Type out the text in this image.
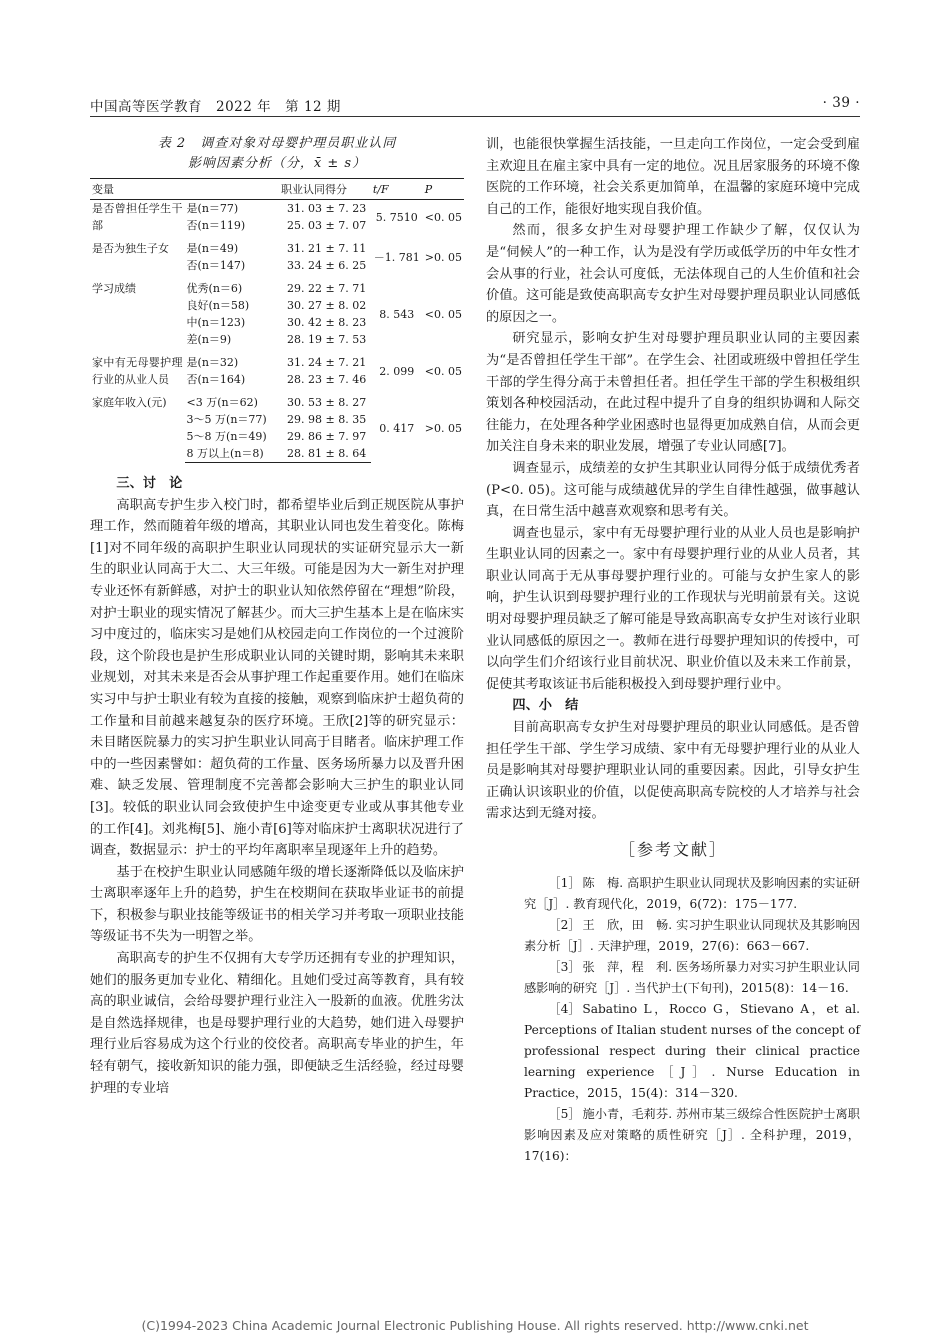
中国高等医学教育　2022 年　第 12 期	· 39 ·
表 2　调查对象对母婴护理员职业认同
影响因素分析（分，x̄ ± s）
变量		职业认同得分	t/F	P
是否曾担任学生干部	是(n＝77)	31. 03 ± 7. 23	5. 7510	<0. 05
	否(n＝119)	25. 03 ± 7. 07		

是否为独生子女	是(n＝49)	31. 21 ± 7. 11	－1. 781	>0. 05
	否(n＝147)	33. 24 ± 6. 25		

学习成绩	优秀(n＝6)	29. 22 ± 7. 71	8. 543	<0. 05
	良好(n＝58)	30. 27 ± 8. 02		
	中(n＝123)	30. 42 ± 8. 23		
	差(n＝9)	28. 19 ± 7. 53		

家中有无母婴护理行业的从业人员	是(n＝32)	31. 24 ± 7. 21	2. 099	<0. 05
	否(n＝164)	28. 23 ± 7. 46		

家庭年收入(元)	<3 万(n＝62)	30. 53 ± 8. 27	0. 417	>0. 05
	3～5 万(n＝77)	29. 98 ± 8. 35		
	5～8 万(n＝49)	29. 86 ± 7. 97		
	8 万以上(n＝8)	28. 81 ± 8. 64		

三、讨　论

高职高专护生步入校门时，都希望毕业后到正规医院从事护理工作，然而随着年级的增高，其职业认同也发生着变化。陈梅[1]对不同年级的高职护生职业认同现状的实证研究显示大一新生的职业认同高于大二、大三年级。可能是因为大一新生对护理专业还怀有新鲜感，对护士的职业认知依然停留在“理想”阶段，对护士职业的现实情况了解甚少。而大三护生基本上是在临床实习中度过的，临床实习是她们从校园走向工作岗位的一个过渡阶段，这个阶段也是护生形成职业认同的关键时期，影响其未来职业规划，对其未来是否会从事护理工作起重要作用。她们在临床实习中与护士职业有较为直接的接触，观察到临床护士超负荷的工作量和目前越来越复杂的医疗环境。王欣[2]等的研究显示：未目睹医院暴力的实习护生职业认同高于目睹者。临床护理工作中的一些因素譬如：超负荷的工作量、医务场所暴力以及晋升困难、缺乏发展、管理制度不完善都会影响大三护生的职业认同[3]。较低的职业认同会致使护生中途变更专业或从事其他专业的工作[4]。刘兆梅[5]、施小青[6]等对临床护士离职状况进行了调查，数据显示：护士的平均年离职率呈现逐年上升的趋势。

基于在校护生职业认同感随年级的增长逐渐降低以及临床护士离职率逐年上升的趋势，护生在校期间在获取毕业证书的前提下，积极参与职业技能等级证书的相关学习并考取一项职业技能等级证书不失为一明智之举。

高职高专的护生不仅拥有大专学历还拥有专业的护理知识，她们的服务更加专业化、精细化。且她们受过高等教育，具有较高的职业诚信，会给母婴护理行业注入一股新的血液。优胜劣汰是自然选择规律，也是母婴护理行业的大趋势，她们进入母婴护理行业后容易成为这个行业的佼佼者。高职高专毕业的护生，年轻有朝气，接收新知识的能力强，即便缺乏生活经验，经过母婴护理的专业培

训，也能很快掌握生活技能，一旦走向工作岗位，一定会受到雇主欢迎且在雇主家中具有一定的地位。况且居家服务的环境不像医院的工作环境，社会关系更加简单，在温馨的家庭环境中完成自己的工作，能很好地实现自我价值。

然而，很多女护生对母婴护理工作缺少了解，仅仅认为是“伺候人”的一种工作，认为是没有学历或低学历的中年女性才会从事的行业，社会认可度低，无法体现自己的人生价值和社会价值。这可能是致使高职高专女护生对母婴护理员职业认同感低的原因之一。

研究显示，影响女护生对母婴护理员职业认同的主要因素为“是否曾担任学生干部”。在学生会、社团或班级中曾担任学生干部的学生得分高于未曾担任者。担任学生干部的学生积极组织策划各种校园活动，在此过程中提升了自身的组织协调和人际交往能力，在处理各种学业困惑时也显得更加成熟自信，从而会更加关注自身未来的职业发展，增强了专业认同感[7]。

调查显示，成绩差的女护生其职业认同得分低于成绩优秀者(P<0. 05)。这可能与成绩越优异的学生自律性越强，做事越认真，在日常生活中越喜欢观察和思考有关。

调查也显示，家中有无母婴护理行业的从业人员也是影响护生职业认同的因素之一。家中有母婴护理行业的从业人员者，其职业认同高于无从事母婴护理行业的。可能与女护生家人的影响，护生认识到母婴护理行业的工作现状与光明前景有关。这说明对母婴护理员缺乏了解可能是导致高职高专女护生对该行业职业认同感低的原因之一。教师在进行母婴护理知识的传授中，可以向学生们介绍该行业目前状况、职业价值以及未来工作前景，促使其考取该证书后能积极投入到母婴护理行业中。

四、小　结

目前高职高专女护生对母婴护理员的职业认同感低。是否曾担任学生干部、学生学习成绩、家中有无母婴护理行业的从业人员是影响其对母婴护理职业认同的重要因素。因此，引导女护生正确认识该职业的价值，以促使高职高专院校的人才培养与社会需求达到无缝对接。

［参考文献］

［1］ 陈　梅. 高职护生职业认同现状及影响因素的实证研究［J］. 教育现代化，2019，6(72)：175－177.

［2］ 王　欣，田　畅. 实习护生职业认同现状及其影响因素分析［J］. 天津护理，2019，27(6)：663－667.

［3］ 张　萍，程　利. 医务场所暴力对实习护生职业认同感影响的研究［J］. 当代护士(下旬刊)，2015(8)：14－16.

［4］ Sabatino L，Rocco G，Stievano A，et al. Perceptions of Italian student nurses of the concept of professional respect during their clinical practice learning experience［J］. Nurse Education in Practice，2015，15(4)：314－320.

［5］ 施小青，毛莉芬. 苏州市某三级综合性医院护士离职影响因素及应对策略的质性研究［J］. 全科护理，2019，17(16)：

(C)1994-2023 China Academic Journal Electronic Publishing House. All rights reserved. http://www.cnki.net
